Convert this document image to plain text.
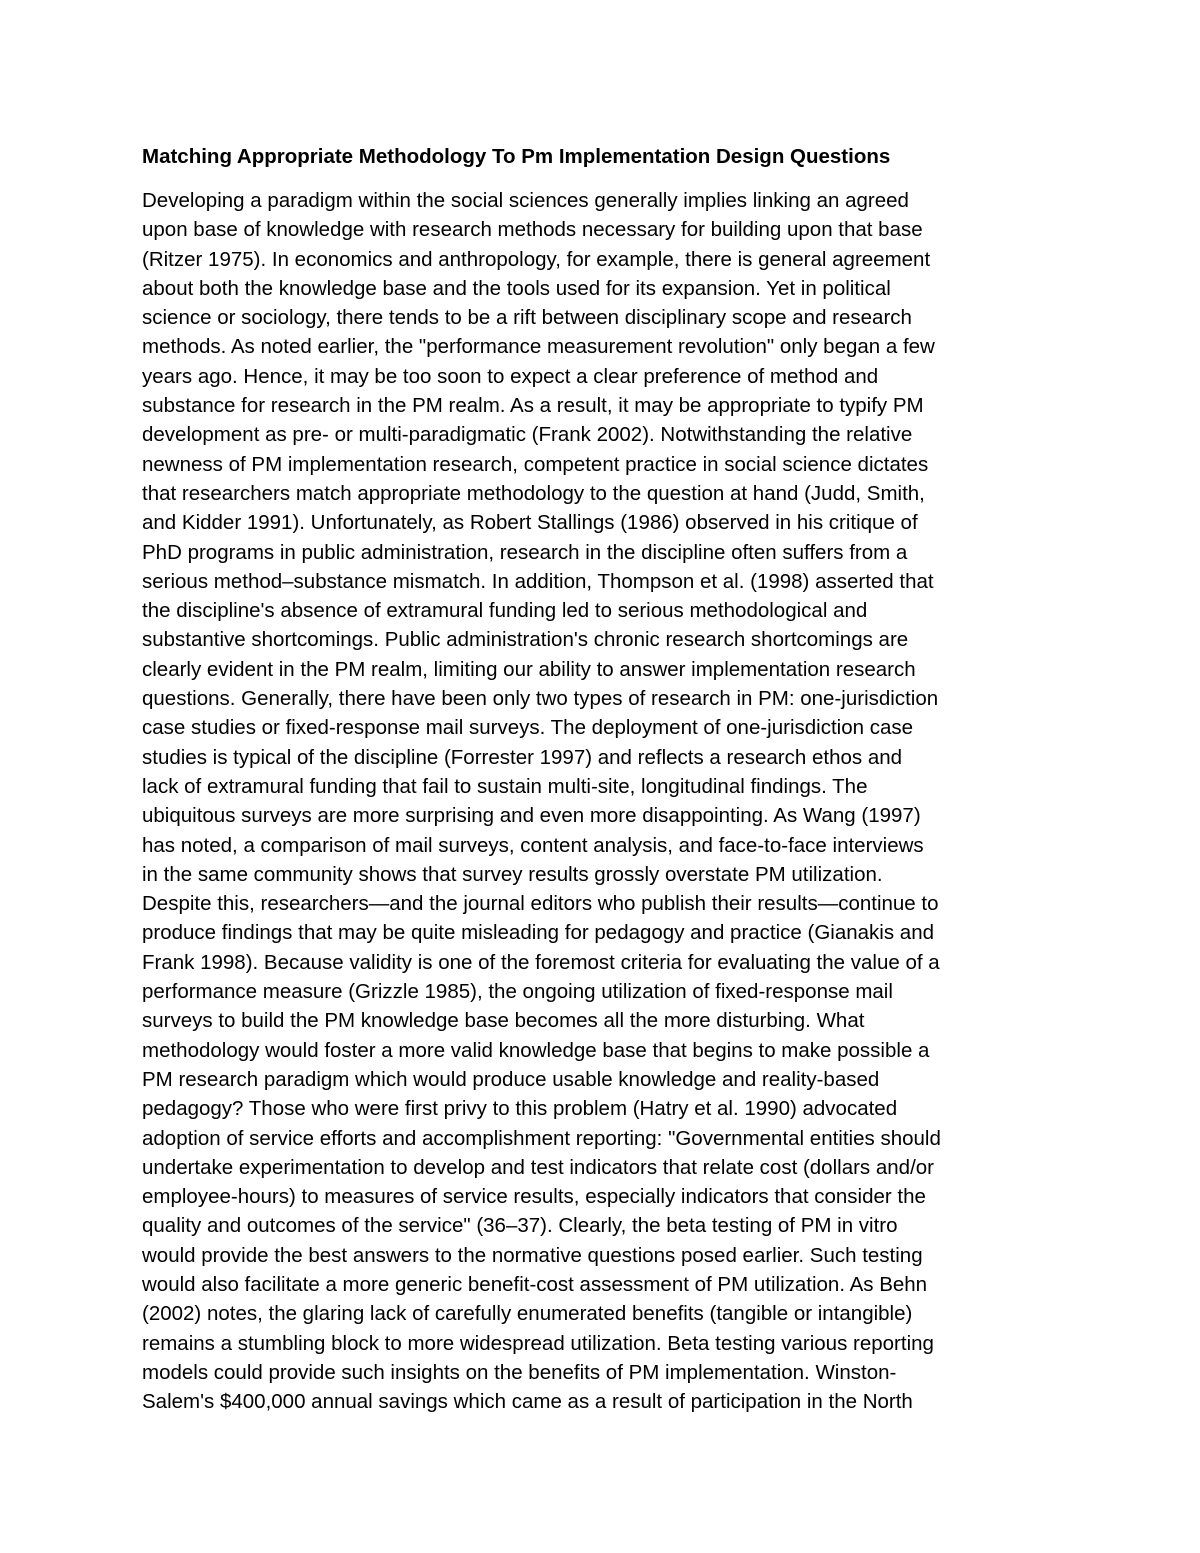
Matching Appropriate Methodology To Pm Implementation Design Questions
Developing a paradigm within the social sciences generally implies linking an agreed
upon base of knowledge with research methods necessary for building upon that base
(Ritzer 1975). In economics and anthropology, for example, there is general agreement
about both the knowledge base and the tools used for its expansion. Yet in political
science or sociology, there tends to be a rift between disciplinary scope and research
methods. As noted earlier, the "performance measurement revolution" only began a few
years ago. Hence, it may be too soon to expect a clear preference of method and
substance for research in the PM realm. As a result, it may be appropriate to typify PM
development as pre- or multi-paradigmatic (Frank 2002). Notwithstanding the relative
newness of PM implementation research, competent practice in social science dictates
that researchers match appropriate methodology to the question at hand (Judd, Smith,
and Kidder 1991). Unfortunately, as Robert Stallings (1986) observed in his critique of
PhD programs in public administration, research in the discipline often suffers from a
serious method–substance mismatch. In addition, Thompson et al. (1998) asserted that
the discipline's absence of extramural funding led to serious methodological and
substantive shortcomings. Public administration's chronic research shortcomings are
clearly evident in the PM realm, limiting our ability to answer implementation research
questions. Generally, there have been only two types of research in PM: one-jurisdiction
case studies or fixed-response mail surveys. The deployment of one-jurisdiction case
studies is typical of the discipline (Forrester 1997) and reflects a research ethos and
lack of extramural funding that fail to sustain multi-site, longitudinal findings. The
ubiquitous surveys are more surprising and even more disappointing. As Wang (1997)
has noted, a comparison of mail surveys, content analysis, and face-to-face interviews
in the same community shows that survey results grossly overstate PM utilization.
Despite this, researchers—and the journal editors who publish their results—continue to
produce findings that may be quite misleading for pedagogy and practice (Gianakis and
Frank 1998). Because validity is one of the foremost criteria for evaluating the value of a
performance measure (Grizzle 1985), the ongoing utilization of fixed-response mail
surveys to build the PM knowledge base becomes all the more disturbing. What
methodology would foster a more valid knowledge base that begins to make possible a
PM research paradigm which would produce usable knowledge and reality-based
pedagogy? Those who were first privy to this problem (Hatry et al. 1990) advocated
adoption of service efforts and accomplishment reporting: "Governmental entities should
undertake experimentation to develop and test indicators that relate cost (dollars and/or
employee-hours) to measures of service results, especially indicators that consider the
quality and outcomes of the service" (36–37). Clearly, the beta testing of PM in vitro
would provide the best answers to the normative questions posed earlier. Such testing
would also facilitate a more generic benefit-cost assessment of PM utilization. As Behn
(2002) notes, the glaring lack of carefully enumerated benefits (tangible or intangible)
remains a stumbling block to more widespread utilization. Beta testing various reporting
models could provide such insights on the benefits of PM implementation. Winston-
Salem's $400,000 annual savings which came as a result of participation in the North
